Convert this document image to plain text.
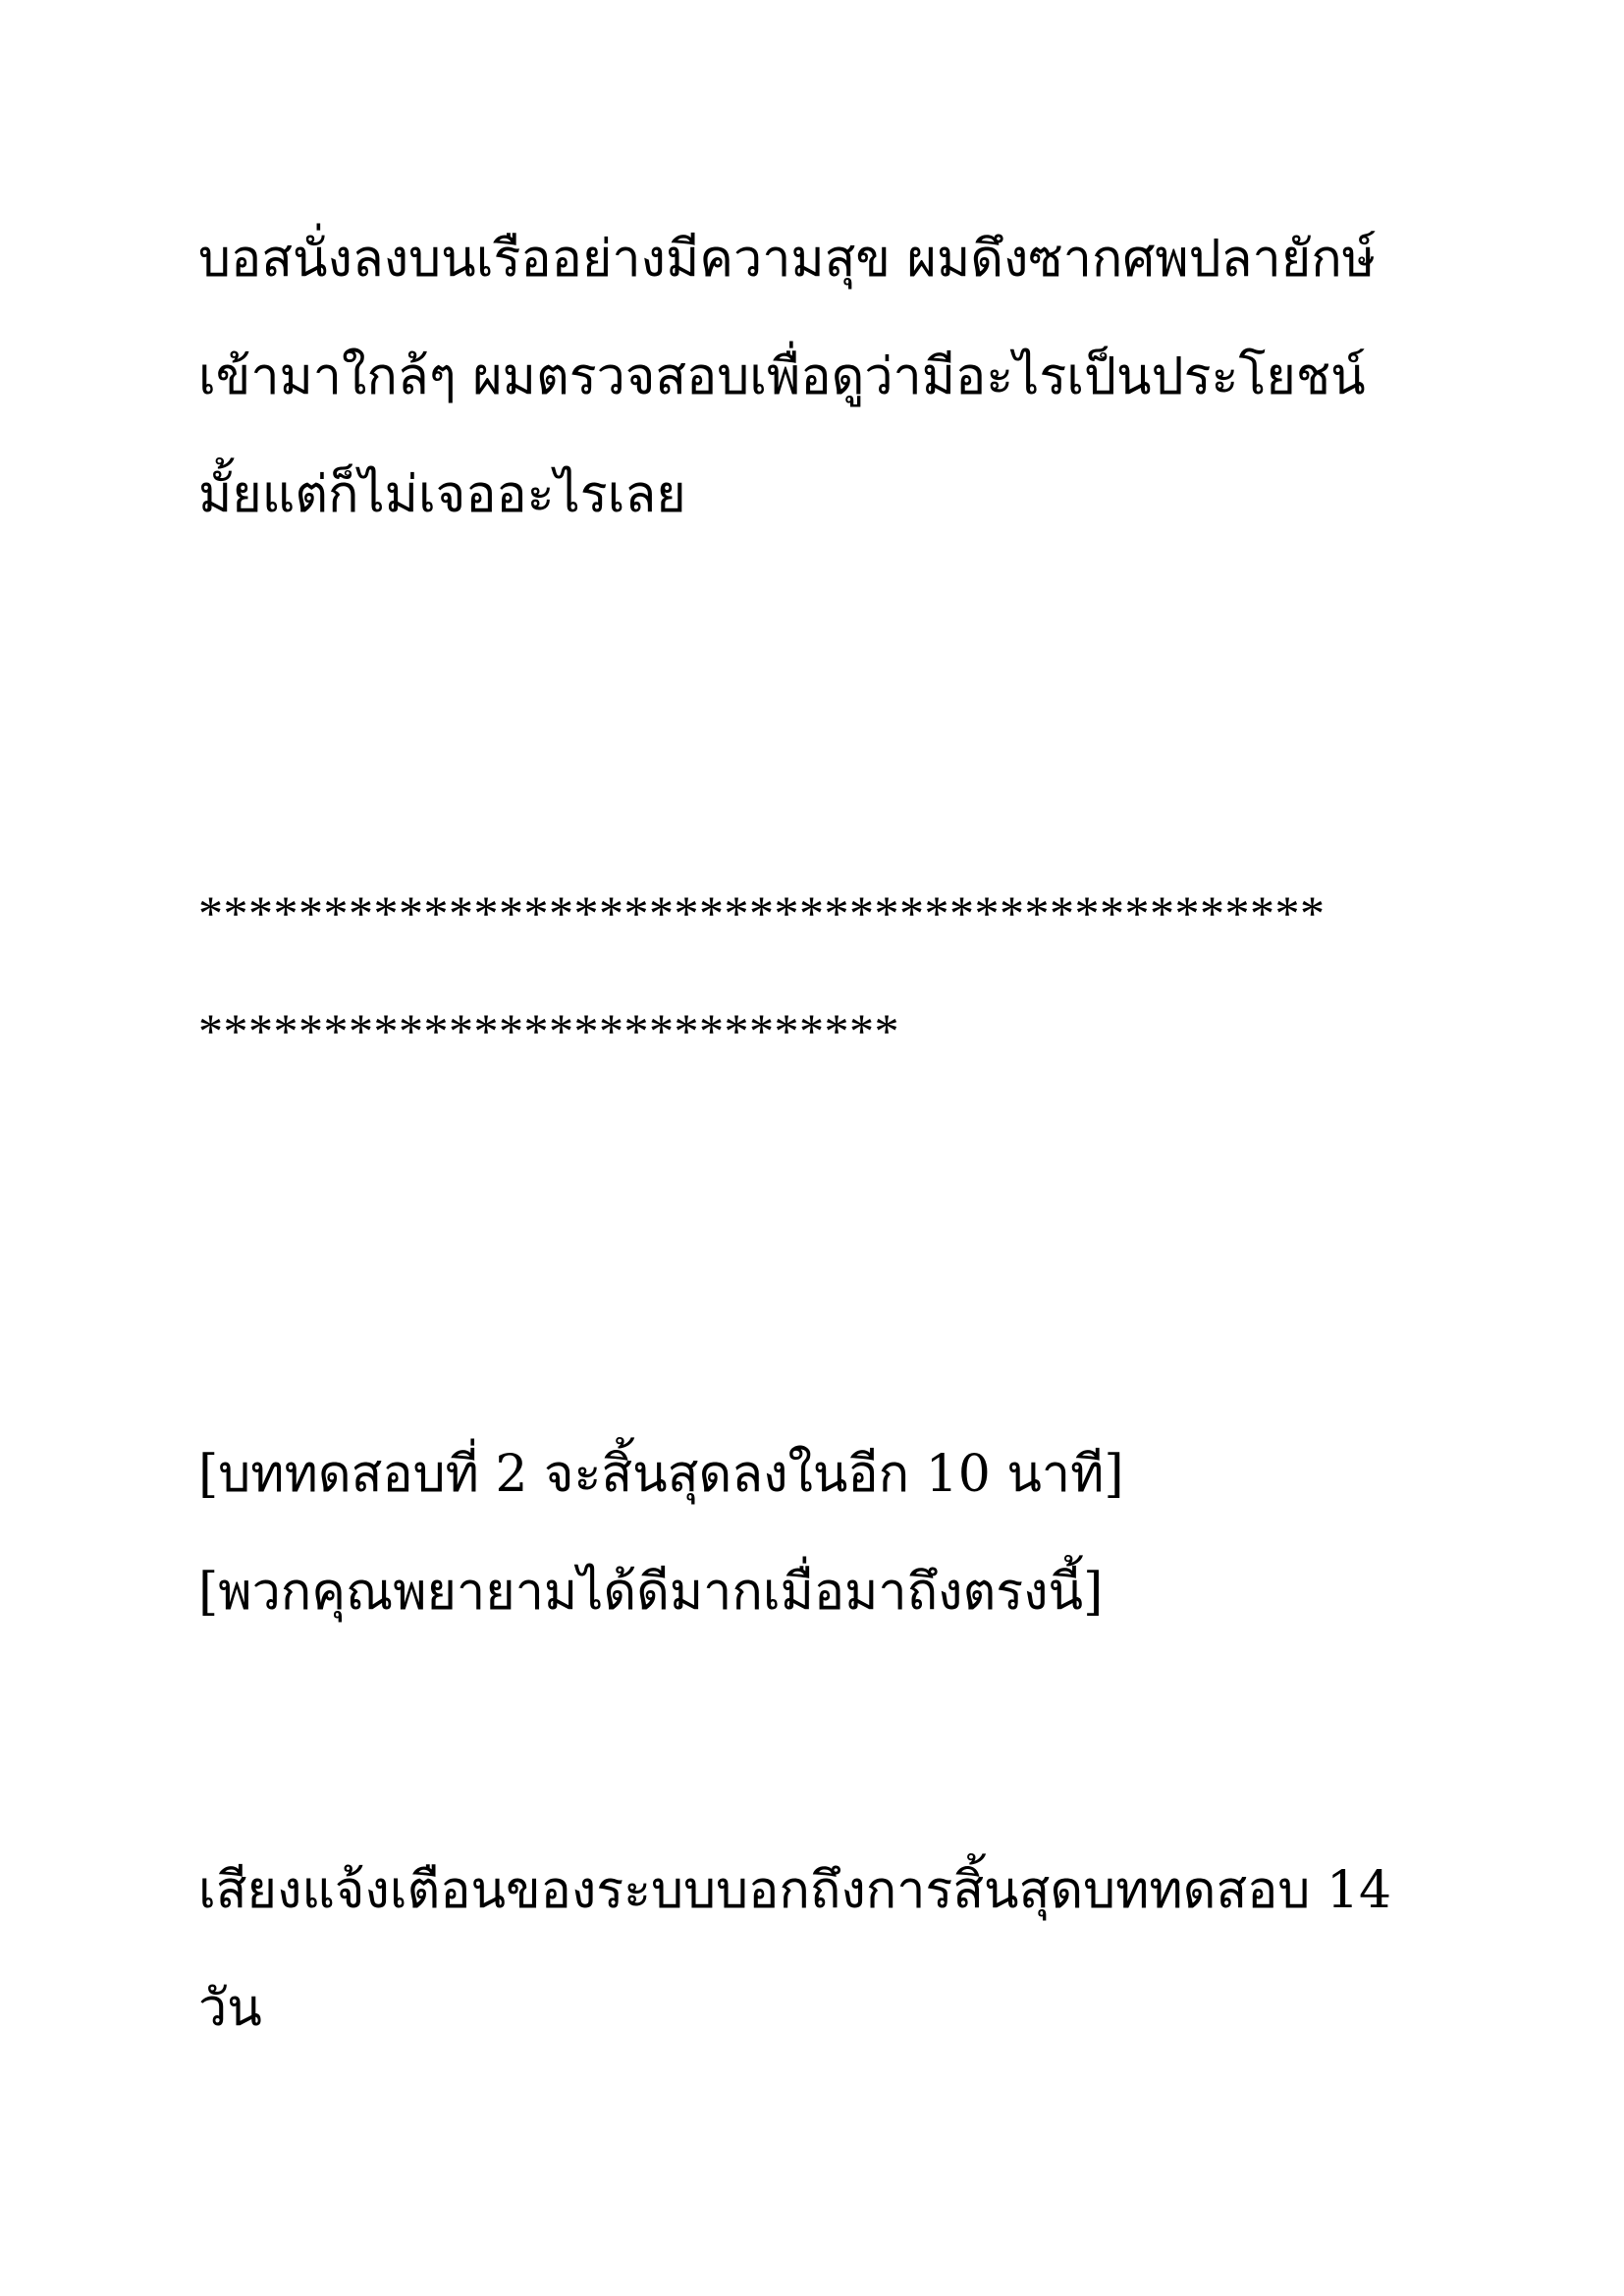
บอสนั่งลงบนเรืออย่างมีความสุข ผมดึงซากศพปลายักษ์
เข้ามาใกล้ๆ ผมตรวจสอบเพื่อดูว่ามีอะไรเป็นประโยชน์
มั้ยแต่ก็ไม่เจออะไรเลย
*********************************************
****************************
[บททดสอบที่ 2 จะสิ้นสุดลงในอีก 10 นาที]
[พวกคุณพยายามได้ดีมากเมื่อมาถึงตรงนี้]
เสียงแจ้งเตือนของระบบบอกถึงการสิ้นสุดบททดสอบ 14
วัน
